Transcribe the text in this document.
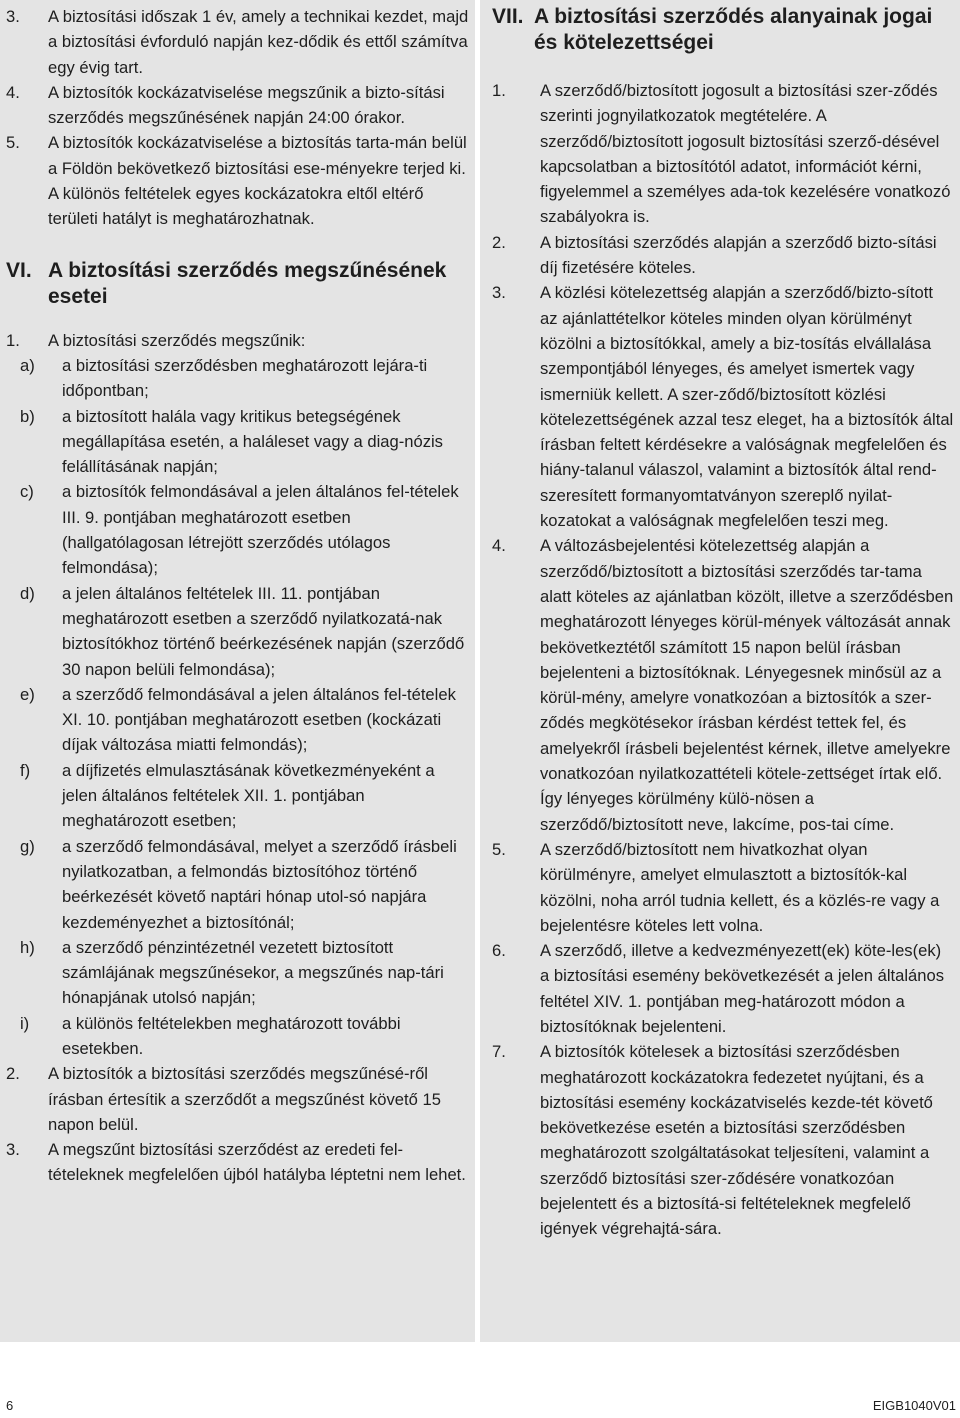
3.	A biztosítási időszak 1 év, amely a technikai kezdet, majd a biztosítási évforduló napján kez-dődik és ettől számítva egy évig tart.
4.	A biztosítók kockázatviselése megszűnik a bizto-sítási szerződés megszűnésének napján 24:00 órakor.
5.	A biztosítók kockázatviselése a biztosítás tarta-mán belül a Földön bekövetkező biztosítási ese-ményekre terjed ki.

A különös feltételek egyes kockázatokra eltől eltérő területi hatályt is meghatározhatnak.

VI. A biztosítási szerződés megszűnésének esetei
1.	A biztosítási szerződés megszűnik:
a)	a biztosítási szerződésben meghatározott lejára-ti időpontban;
b)	a biztosított halála vagy kritikus betegségének megállapítása esetén, a haláleset vagy a diag-nózis felállításának napján;
c)	a biztosítók felmondásával a jelen általános fel-tételek III. 9. pontjában meghatározott esetben (hallgatólagosan létrejött szerződés utólagos felmondása);
d)	a jelen általános feltételek III. 11. pontjában meghatározott esetben a szerződő nyilatkozatá-nak biztosítókhoz történő beérkezésének napján (szerződő 30 napon belüli felmondása);
e)	a szerződő felmondásával a jelen általános fel-tételek XI. 10. pontjában meghatározott esetben (kockázati díjak változása miatti felmondás);
f)	a díjfizetés elmulasztásának következményeként a jelen általános feltételek XII. 1. pontjában meghatározott esetben;
g)	a szerződő felmondásával, melyet a szerződő írásbeli nyilatkozatban, a felmondás biztosítóhoz történő beérkezését követő naptári hónap utol-só napjára kezdeményezhet a biztosítónál;
h)	a szerződő pénzintézetnél vezetett biztosított számlájának megszűnésekor, a megszűnés nap-tári hónapjának utolsó napján;
i)	a különös feltételekben meghatározott további esetekben.
2.	A biztosítók a biztosítási szerződés megszűnésé-ről írásban értesítik a szerződőt a megszűnést követő 15 napon belül.
3.	A megszűnt biztosítási szerződést az eredeti fel-tételeknek megfelelően újból hatályba léptetni nem lehet.
VII. A biztosítási szerződés alanyainak jogai és kötelezettségei
1.	A szerződő/biztosított jogosult a biztosítási szer-ződés szerinti jognyilatkozatok megtételére. A szerződő/biztosított jogosult biztosítási szerző-désével kapcsolatban a biztosítótól adatot, információt kérni, figyelemmel a személyes ada-tok kezelésére vonatkozó szabályokra is.
2.	A biztosítási szerződés alapján a szerződő bizto-sítási díj fizetésére köteles.
3.	A közlési kötelezettség alapján a szerződő/bizto-sított az ajánlattételkor köteles minden olyan körülményt közölni a biztosítókkal, amely a biz-tosítás elvállalása szempontjából lényeges, és amelyet ismertek vagy ismerniük kellett. A szer-ződő/biztosított közlési kötelezettségének azzal tesz eleget, ha a biztosítók által írásban feltett kérdésekre a valóságnak megfelelően és hiány-talanul válaszol, valamint a biztosítók által rend-szeresített formanyomtatványon szereplő nyilat-kozatokat a valóságnak megfelelően teszi meg.
4.	A változásbejelentési kötelezettség alapján a szerződő/biztosított a biztosítási szerződés tar-tama alatt köteles az ajánlatban közölt, illetve a szerződésben meghatározott lényeges körül-mények változását annak bekövetkeztétől számított 15 napon belül írásban bejelenteni a biztosítóknak. Lényegesnek minősül az a körül-mény, amelyre vonatkozóan a biztosítók a szer-ződés megkötésekor írásban kérdést tettek fel, és amelyekről írásbeli bejelentést kérnek, illetve amelyekre vonatkozóan nyilatkozattételi kötele-zettséget írtak elő. Így lényeges körülmény külö-nösen a szerződő/biztosított neve, lakcíme, pos-tai címe.
5.	A szerződő/biztosított nem hivatkozhat olyan körülményre, amelyet elmulasztott a biztosítók-kal közölni, noha arról tudnia kellett, és a közlés-re vagy a bejelentésre köteles lett volna.
6.	A szerződő, illetve a kedvezményezett(ek) köte-les(ek) a biztosítási esemény bekövetkezését a jelen általános feltétel XIV. 1. pontjában meg-határozott módon a biztosítóknak bejelenteni.
7.	A biztosítók kötelesek a biztosítási szerződésben meghatározott kockázatokra fedezetet nyújtani, és a biztosítási esemény kockázatviselés kezde-tét követő bekövetkezése esetén a biztosítási szerződésben meghatározott szolgáltatásokat teljesíteni, valamint a szerződő biztosítási szer-ződésére vonatkozóan bejelentett és a biztosítá-si feltételeknek megfelelő igények végrehajtá-sára.
6	EIGB1040V01
